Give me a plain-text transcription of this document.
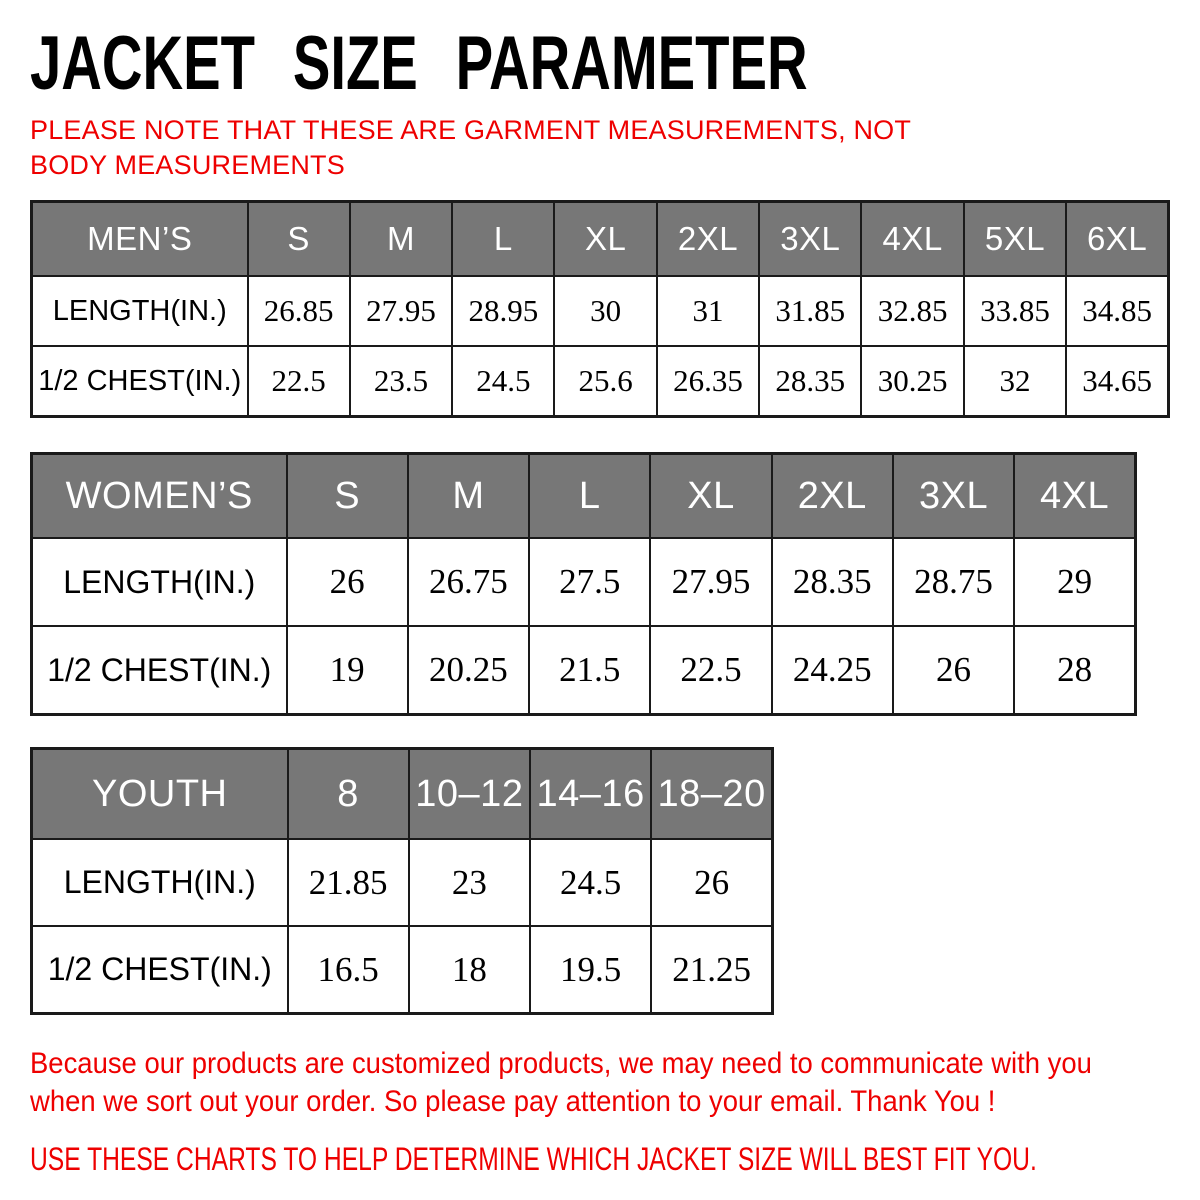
JACKET SIZE PARAMETER

PLEASE NOTE THAT THESE ARE GARMENT MEASUREMENTS, NOT BODY MEASUREMENTS

MEN’S	S	M	L	XL	2XL	3XL	4XL	5XL	6XL
LENGTH(IN.)	26.85	27.95	28.95	30	31	31.85	32.85	33.85	34.85
1/2 CHEST(IN.)	22.5	23.5	24.5	25.6	26.35	28.35	30.25	32	34.65
WOMEN’S	S	M	L	XL	2XL	3XL	4XL
LENGTH(IN.)	26	26.75	27.5	27.95	28.35	28.75	29
1/2 CHEST(IN.)	19	20.25	21.5	22.5	24.25	26	28
YOUTH	8	10–12	14–16	18–20
LENGTH(IN.)	21.85	23	24.5	26
1/2 CHEST(IN.)	16.5	18	19.5	21.25
Because our products are customized products, we may need to communicate with you
when we sort out your order. So please pay attention to your email. Thank You !

USE THESE CHARTS TO HELP DETERMINE WHICH JACKET SIZE WILL BEST FIT YOU.
